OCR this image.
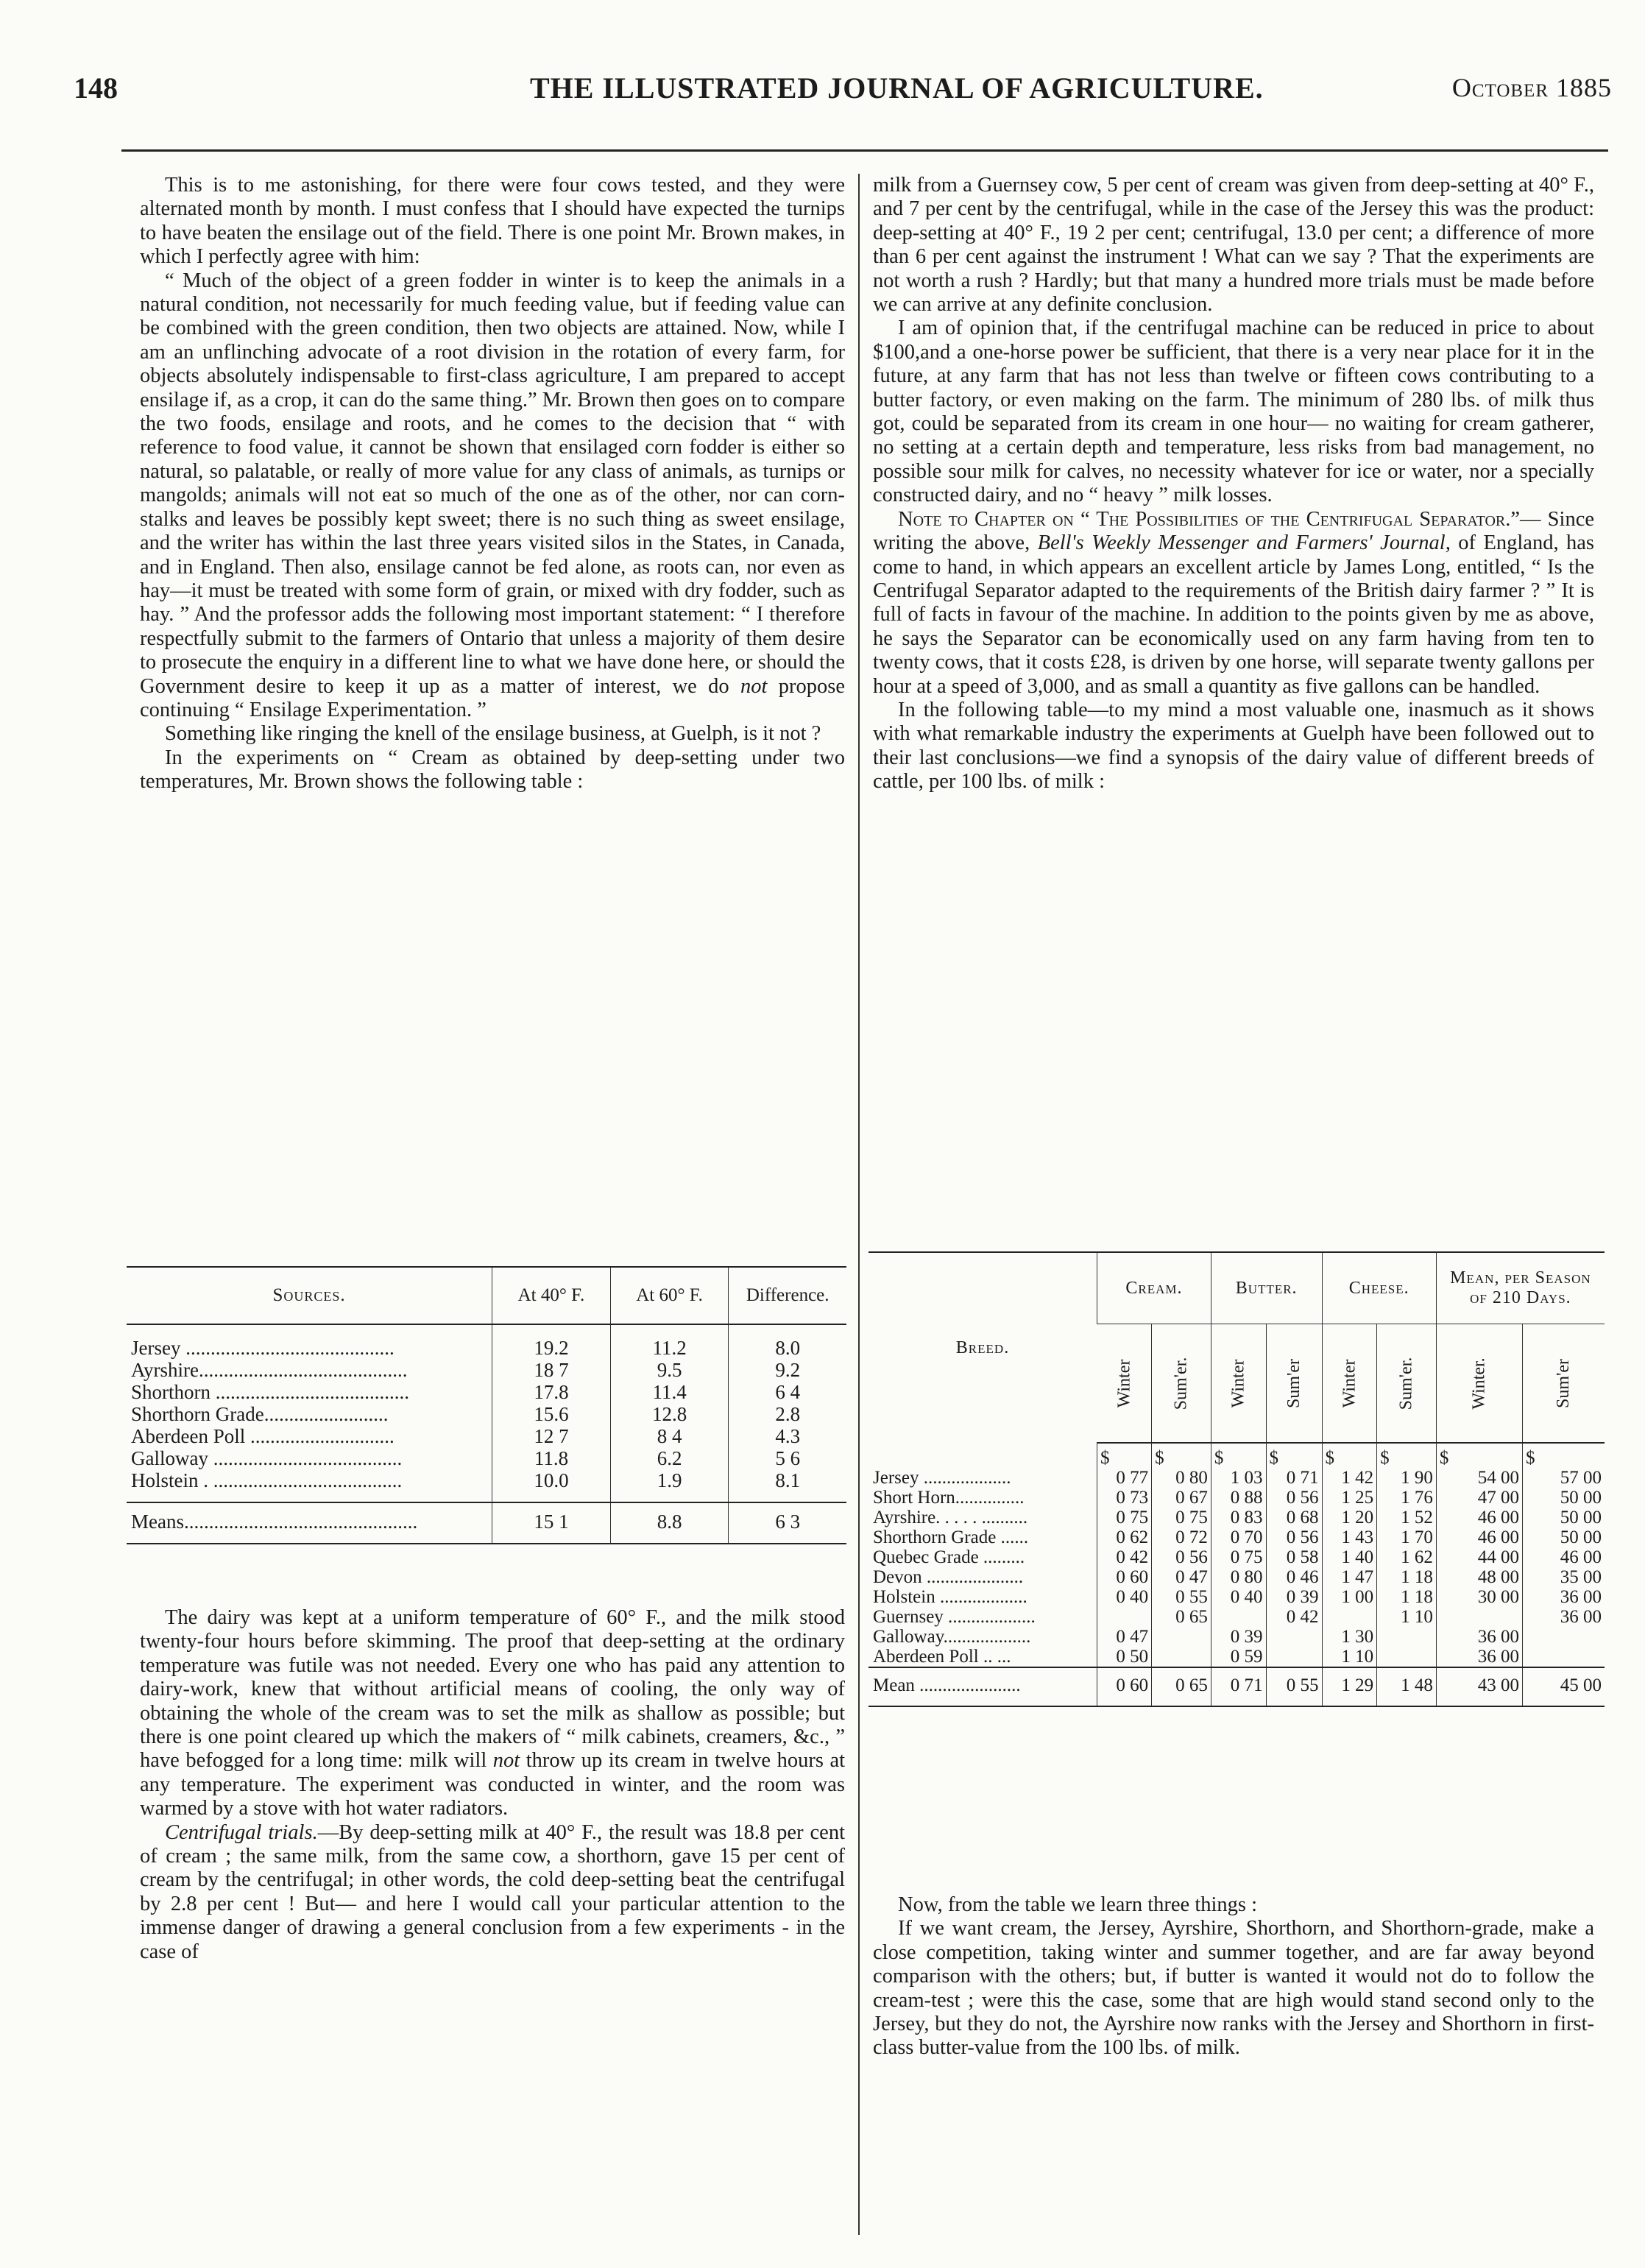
148	THE ILLUSTRATED JOURNAL OF AGRICULTURE.	October 1885

This is to me astonishing, for there were four cows tested, and they were alternated month by month. I must confess that I should have expected the turnips to have beaten the ensilage out of the field. There is one point Mr. Brown makes, in which I perfectly agree with him:

“ Much of the object of a green fodder in winter is to keep the animals in a natural condition, not necessarily for much feeding value, but if feeding value can be combined with the green condition, then two objects are attained. Now, while I am an unflinching advocate of a root division in the rotation of every farm, for objects absolutely indispensable to first-class agriculture, I am prepared to accept ensilage if, as a crop, it can do the same thing.” Mr. Brown then goes on to compare the two foods, ensilage and roots, and he comes to the decision that “ with reference to food value, it cannot be shown that ensilaged corn fodder is either so natural, so palatable, or really of more value for any class of animals, as turnips or mangolds; animals will not eat so much of the one as of the other, nor can corn-stalks and leaves be possibly kept sweet; there is no such thing as sweet ensilage, and the writer has within the last three years visited silos in the States, in Canada, and in England. Then also, ensilage cannot be fed alone, as roots can, nor even as hay—it must be treated with some form of grain, or mixed with dry fodder, such as hay. ” And the professor adds the following most important statement: “ I therefore respectfully submit to the farmers of Ontario that unless a majority of them desire to prosecute the enquiry in a different line to what we have done here, or should the Government desire to keep it up as a matter of interest, we do not propose continuing “ Ensilage Experimentation. ”

Something like ringing the knell of the ensilage business, at Guelph, is it not ?

In the experiments on “ Cream as obtained by deep-setting under two temperatures, Mr. Brown shows the following table :

Sources.	At 40° F.	At 60° F.	Difference.
Jersey ..........................................	19.2	11.2	8.0
Ayrshire..........................................	18 7	9.5	9.2
Shorthorn .......................................	17.8	11.4	6 4
Shorthorn Grade.........................	15.6	12.8	2.8
Aberdeen Poll .............................	12 7	8 4	4.3
Galloway ......................................	11.8	6.2	5 6
Holstein . ......................................	10.0	1.9	8.1
Means...............................................	15 1	8.8	6 3

The dairy was kept at a uniform temperature of 60° F., and the milk stood twenty-four hours before skimming. The proof that deep-setting at the ordinary temperature was futile was not needed. Every one who has paid any attention to dairy-work, knew that without artificial means of cooling, the only way of obtaining the whole of the cream was to set the milk as shallow as possible; but there is one point cleared up which the makers of “ milk cabinets, creamers, &c., ” have befogged for a long time: milk will not throw up its cream in twelve hours at any temperature. The experiment was conducted in winter, and the room was warmed by a stove with hot water radiators.

Centrifugal trials.—By deep-setting milk at 40° F., the result was 18.8 per cent of cream ; the same milk, from the same cow, a shorthorn, gave 15 per cent of cream by the centrifugal; in other words, the cold deep-setting beat the centrifugal by 2.8 per cent ! But— and here I would call your particular attention to the immense danger of drawing a general conclusion from a few experiments - in the case of

milk from a Guernsey cow, 5 per cent of cream was given from deep-setting at 40° F., and 7 per cent by the centrifugal, while in the case of the Jersey this was the product: deep-setting at 40° F., 19 2 per cent; centrifugal, 13.0 per cent; a difference of more than 6 per cent against the instrument ! What can we say ? That the experiments are not worth a rush ? Hardly; but that many a hundred more trials must be made before we can arrive at any definite conclusion.

I am of opinion that, if the centrifugal machine can be reduced in price to about $100,and a one-horse power be sufficient, that there is a very near place for it in the future, at any farm that has not less than twelve or fifteen cows contributing to a butter factory, or even making on the farm. The minimum of 280 lbs. of milk thus got, could be separated from its cream in one hour— no waiting for cream gatherer, no setting at a certain depth and temperature, less risks from bad management, no possible sour milk for calves, no necessity whatever for ice or water, nor a specially constructed dairy, and no “ heavy ” milk losses.

Note to Chapter on “ The Possibilities of the Centrifugal Separator.”— Since writing the above, Bell's Weekly Messenger and Farmers' Journal, of England, has come to hand, in which appears an excellent article by James Long, entitled, “ Is the Centrifugal Separator adapted to the requirements of the British dairy farmer ? ” It is full of facts in favour of the machine. In addition to the points given by me as above, he says the Separator can be economically used on any farm having from ten to twenty cows, that it costs £28, is driven by one horse, will separate twenty gallons per hour at a speed of 3,000, and as small a quantity as five gallons can be handled.

In the following table—to my mind a most valuable one, inasmuch as it shows with what remarkable industry the experiments at Guelph have been followed out to their last conclusions—we find a synopsis of the dairy value of different breeds of cattle, per 100 lbs. of milk :

Breed.	Cream.		Butter.		Cheese.		Mean, per Season of 210 Days.	
	Winter	Sum'er.	Winter	Sum'er	Winter	Sum'er.	Winter.	Sum'er
	$	$	$	$	$	$	$	$
Jersey ...................	0 77	0 80	1 03	0 71	1 42	1 90	54 00	57 00
Short Horn...............	0 73	0 67	0 88	0 56	1 25	1 76	47 00	50 00
Ayrshire. . . . . ..........	0 75	0 75	0 83	0 68	1 20	1 52	46 00	50 00
Shorthorn Grade ......	0 62	0 72	0 70	0 56	1 43	1 70	46 00	50 00
Quebec Grade .........	0 42	0 56	0 75	0 58	1 40	1 62	44 00	46 00
Devon .....................	0 60	0 47	0 80	0 46	1 47	1 18	48 00	35 00
Holstein ...................	0 40	0 55	0 40	0 39	1 00	1 18	30 00	36 00
Guernsey ...................		0 65		0 42		1 10		36 00
Galloway...................	0 47		0 39		1 30		36 00	
Aberdeen Poll .. ...	0 50		0 59		1 10		36 00	
Mean ......................	0 60	0 65	0 71	0 55	1 29	1 48	43 00	45 00

Now, from the table we learn three things :

If we want cream, the Jersey, Ayrshire, Shorthorn, and Shorthorn-grade, make a close competition, taking winter and summer together, and are far away beyond comparison with the others; but, if butter is wanted it would not do to follow the cream-test ; were this the case, some that are high would stand second only to the Jersey, but they do not, the Ayrshire now ranks with the Jersey and Shorthorn in first-class butter-value from the 100 lbs. of milk.
